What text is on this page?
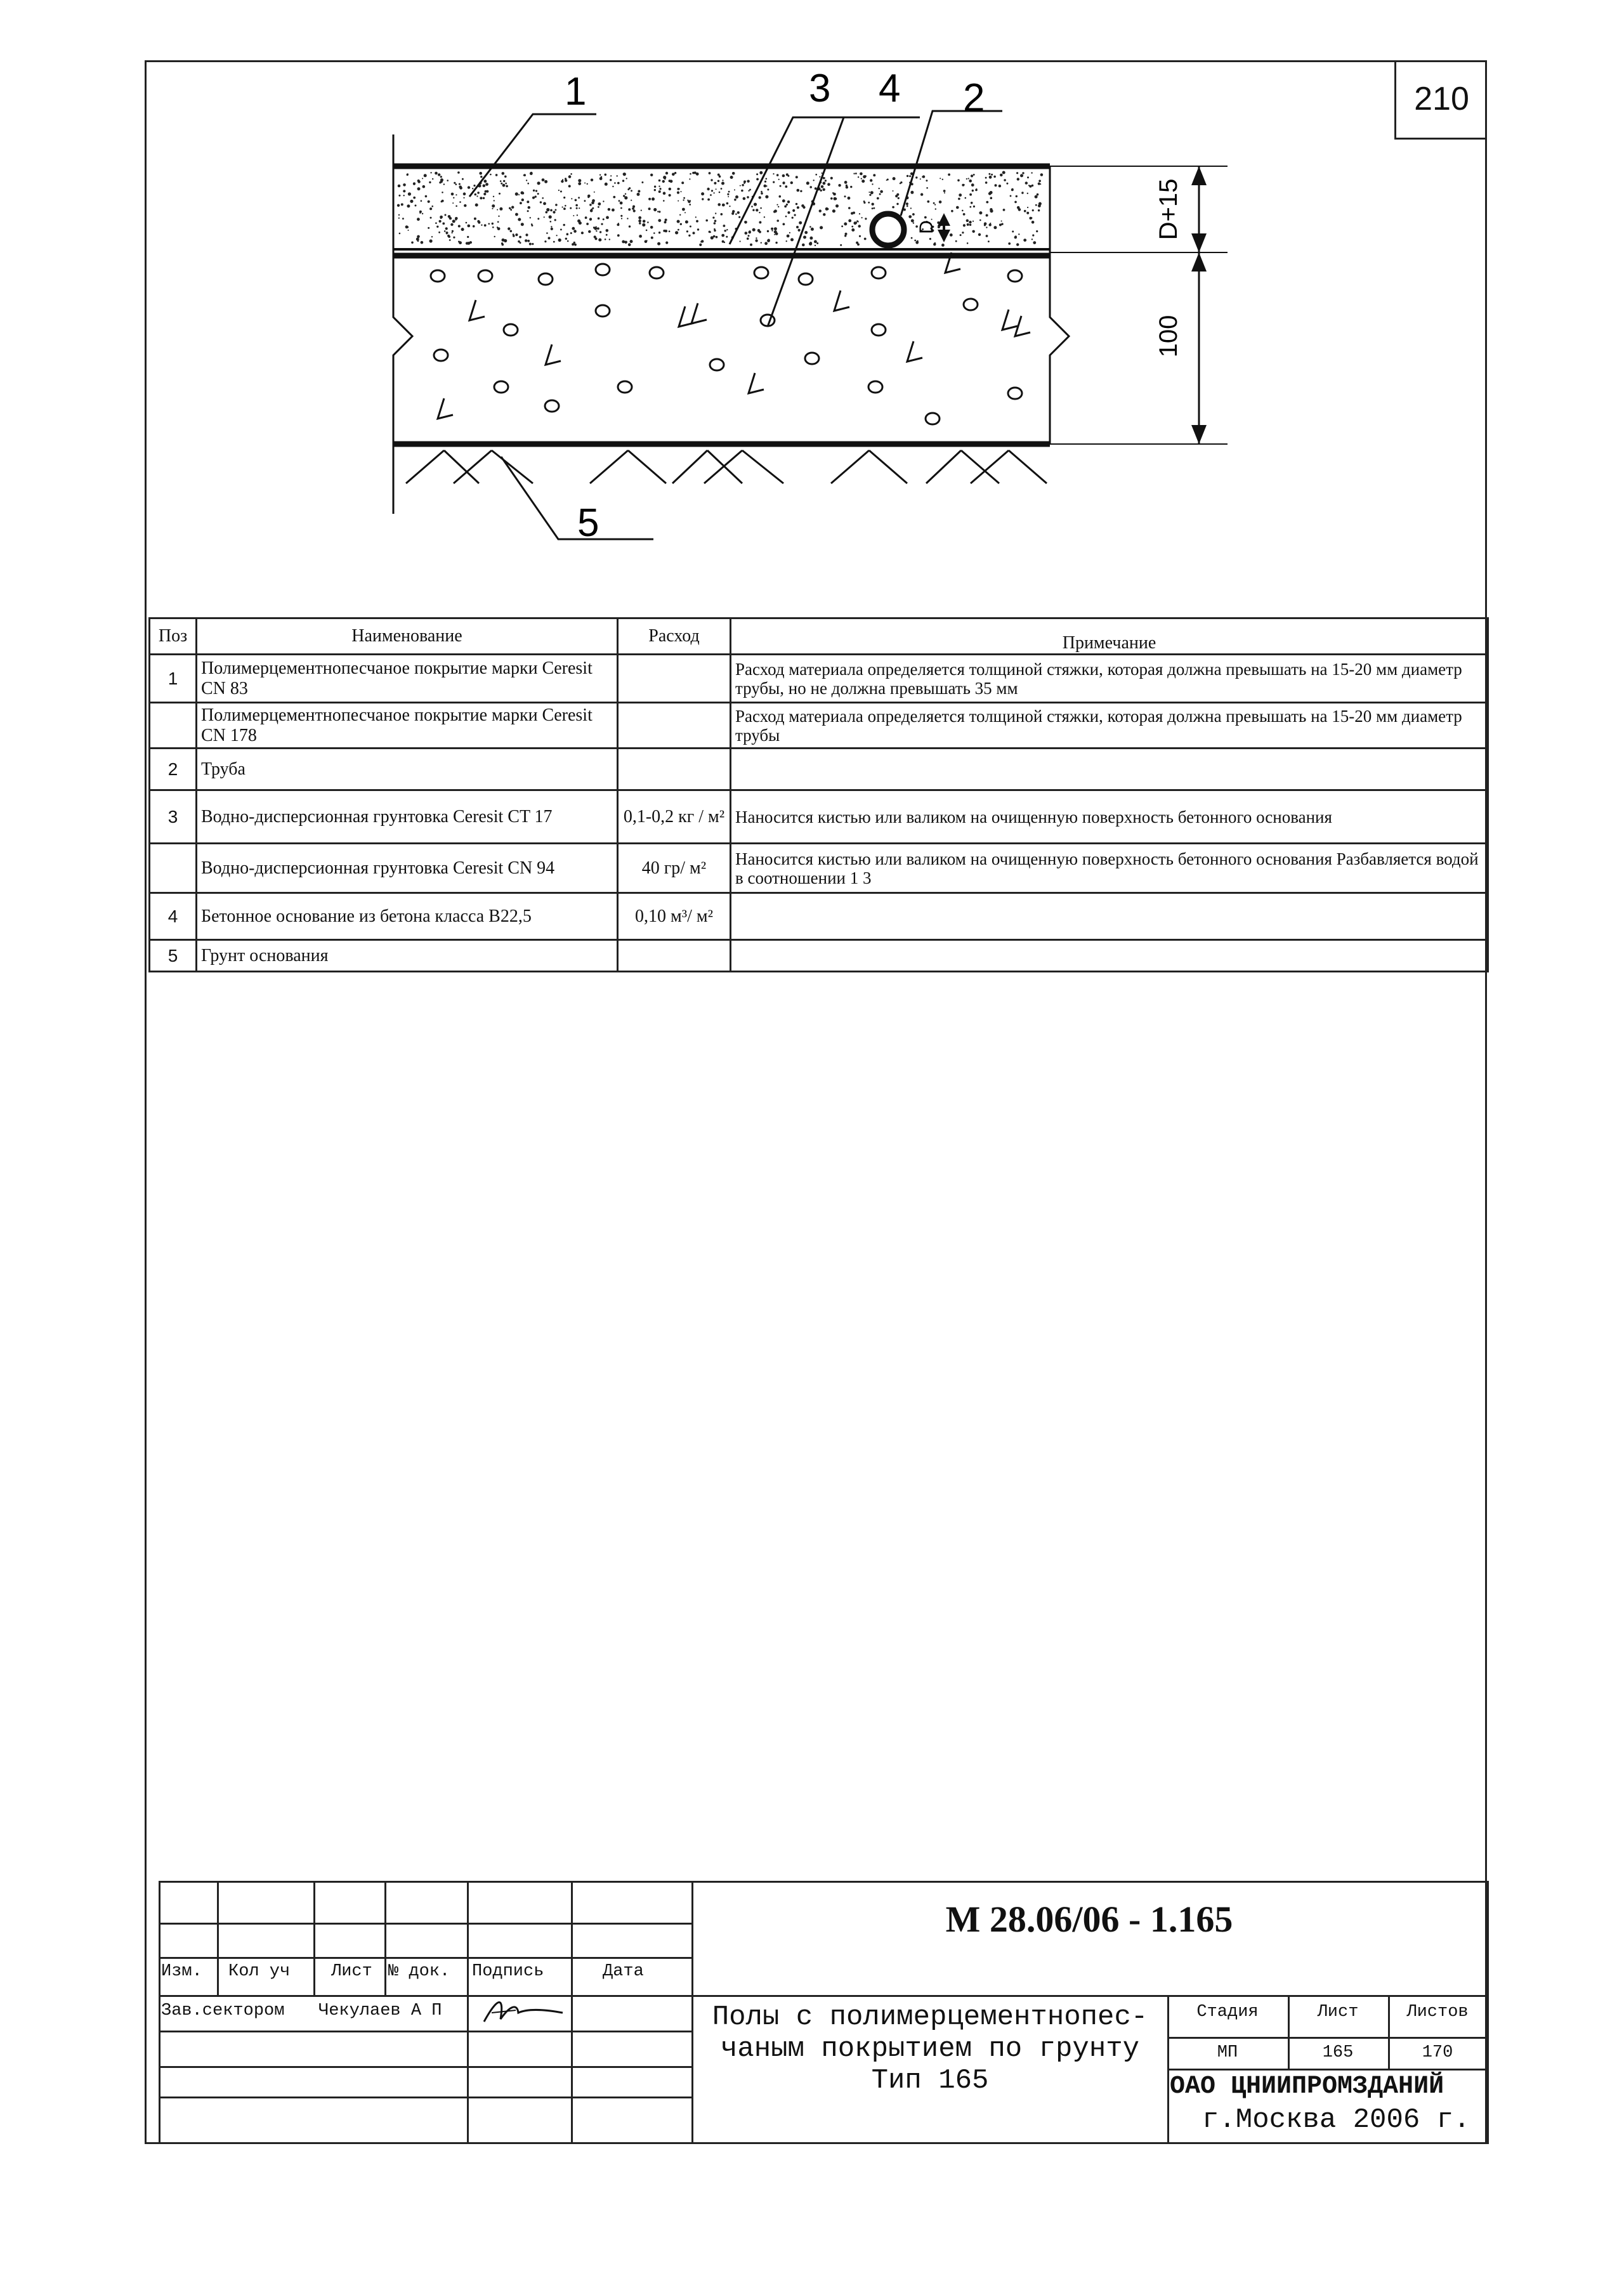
210
D+15
100
D
1	3 4 2
5
Поз	Наименование	Расход	Примечание
1	Полимерцементнопесчаное покрытие марки Ceresit CN 83		Расход материала определяется толщиной стяжки, которая должна превышать на 15-20 мм диаметр трубы, но не должна превышать 35 мм
	Полимерцементнопесчаное покрытие марки Ceresit CN 178		Расход материала определяется толщиной стяжки, которая должна превышать на 15-20 мм диаметр трубы
2	Труба		
3	Водно-дисперсионная грунтовка Ceresit CT 17	0,1-0,2 кг / м²	Наносится кистью или валиком на очищенную поверхность бетонного основания
	Водно-дисперсионная грунтовка Ceresit CN 94	40 гр/ м²	Наносится кистью или валиком на очищенную поверхность бетонного основания Разбавляется водой в соотношении 1 3
4	Бетонное основание из бетона класса В22,5	0,10 м³/ м²	
5	Грунт основания		
Изм. Кол уч Лист № док. Подпись	Дата
М 28.06/06 - 1.165
Зав.сектором Чекулаев А П	Полы с полимерцементнопес-
чаным покрытием по грунту
Тип 165
Стадия	Лист	Листов
МП	165	170
ОАО ЦНИИПРОМЗДАНИЙ
г.Москва 2006 г.
